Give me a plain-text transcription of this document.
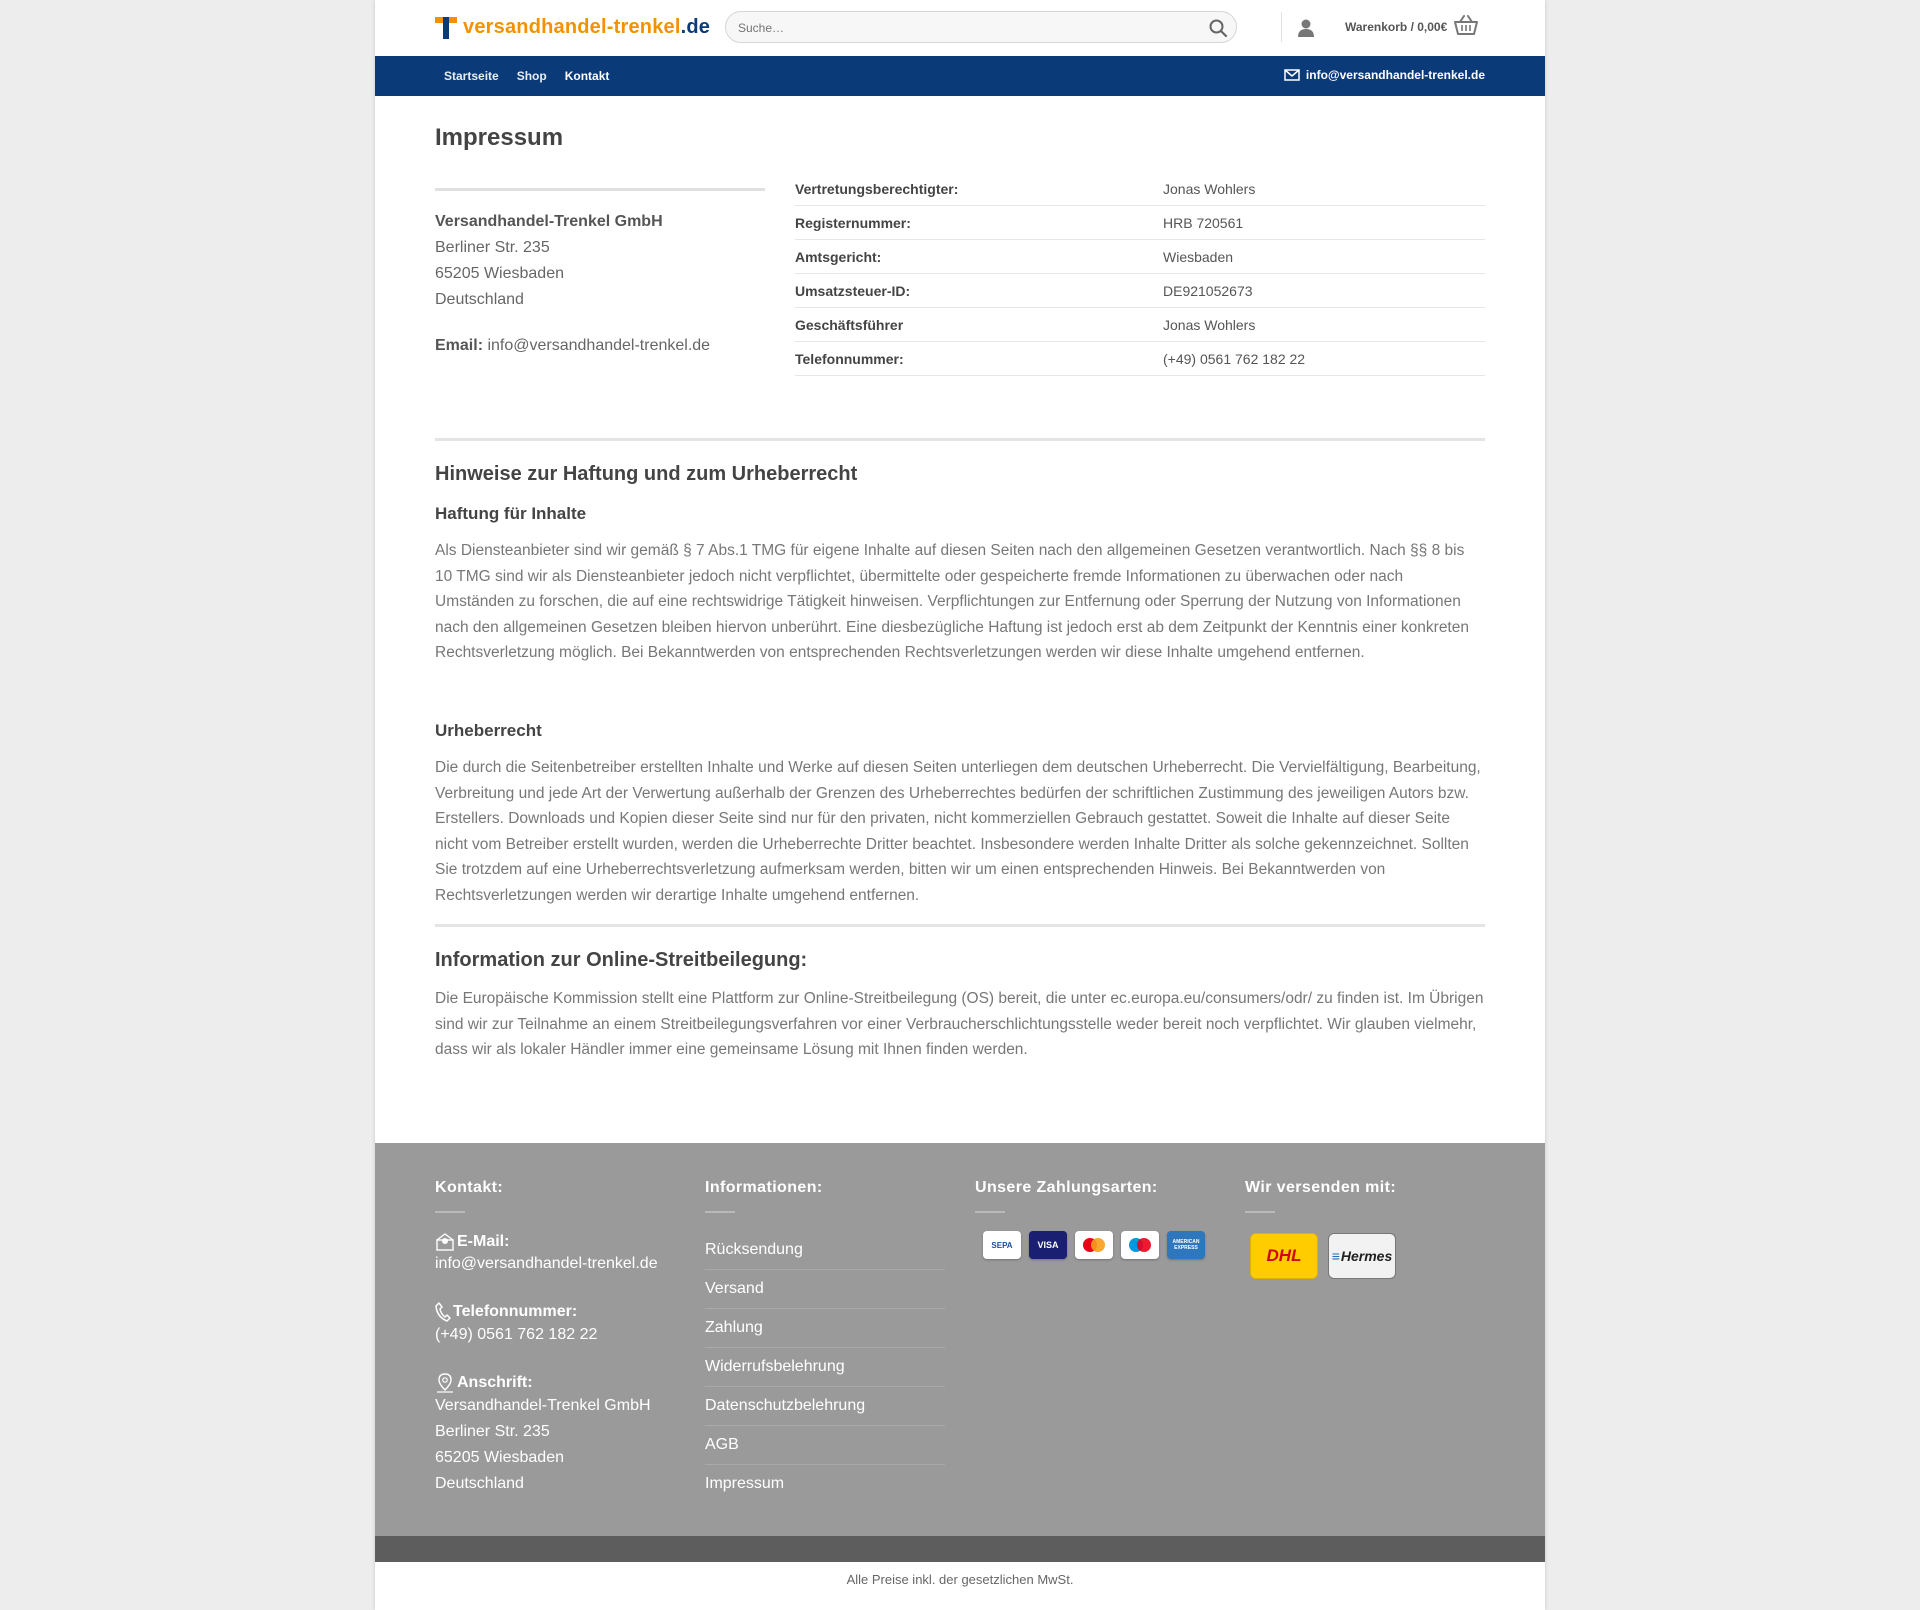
versandhandel-trenkel.de
Suche…	Warenkorb / 0,00€
Startseite Shop Kontakt	info@versandhandel-trenkel.de
Impressum

Versandhandel-Trenkel GmbH

Berliner Str. 235

65205 Wiesbaden

Deutschland

Email: info@versandhandel-trenkel.de

Vertretungsberechtigter:	Jonas Wohlers
Registernummer:	HRB 720561
Amtsgericht:	Wiesbaden
Umsatzsteuer-ID:	DE921052673
Geschäftsführer	Jonas Wohlers
Telefonnummer:	(+49) 0561 762 182 22
Hinweise zur Haftung und zum Urheberrecht
Haftung für Inhalte

Als Diensteanbieter sind wir gemäß § 7 Abs.1 TMG für eigene Inhalte auf diesen Seiten nach den allgemeinen Gesetzen verantwortlich. Nach §§ 8 bis 10 TMG sind wir als Diensteanbieter jedoch nicht verpflichtet, übermittelte oder gespeicherte fremde Informationen zu überwachen oder nach Umständen zu forschen, die auf eine rechtswidrige Tätigkeit hinweisen. Verpflichtungen zur Entfernung oder Sperrung der Nutzung von Informationen nach den allgemeinen Gesetzen bleiben hiervon unberührt. Eine diesbezügliche Haftung ist jedoch erst ab dem Zeitpunkt der Kenntnis einer konkreten Rechtsverletzung möglich. Bei Bekanntwerden von entsprechenden Rechtsverletzungen werden wir diese Inhalte umgehend entfernen.

Urheberrecht

Die durch die Seitenbetreiber erstellten Inhalte und Werke auf diesen Seiten unterliegen dem deutschen Urheberrecht. Die Vervielfältigung, Bearbeitung, Verbreitung und jede Art der Verwertung außerhalb der Grenzen des Urheberrechtes bedürfen der schriftlichen Zustimmung des jeweiligen Autors bzw. Erstellers. Downloads und Kopien dieser Seite sind nur für den privaten, nicht kommerziellen Gebrauch gestattet. Soweit die Inhalte auf dieser Seite nicht vom Betreiber erstellt wurden, werden die Urheberrechte Dritter beachtet. Insbesondere werden Inhalte Dritter als solche gekennzeichnet. Sollten Sie trotzdem auf eine Urheberrechtsverletzung aufmerksam werden, bitten wir um einen entsprechenden Hinweis. Bei Bekanntwerden von Rechtsverletzungen werden wir derartige Inhalte umgehend entfernen.

Information zur Online-Streitbeilegung:

Die Europäische Kommission stellt eine Plattform zur Online-Streitbeilegung (OS) bereit, die unter ec.europa.eu/consumers/odr/ zu finden ist. Im Übrigen sind wir zur Teilnahme an einem Streitbeilegungsverfahren vor einer Verbraucherschlichtungsstelle weder bereit noch verpflichtet. Wir glauben vielmehr, dass wir als lokaler Händler immer eine gemeinsame Lösung mit Ihnen finden werden.

Kontakt:
E-Mail:
info@versandhandel-trenkel.de
Telefonnummer:
(+49) 0561 762 182 22
Anschrift:
Versandhandel-Trenkel GmbH
Berliner Str. 235
65205 Wiesbaden
Deutschland
Informationen:
Rücksendung
Versand
Zahlung
Widerrufsbelehrung
Datenschutzbelehrung
AGB
Impressum
Unsere Zahlungsarten:
SEPA	VISA	AMERICAN
EXPRESS
Wir versenden mit:
DHL ≡ Hermes
Alle Preise inkl. der gesetzlichen MwSt.
